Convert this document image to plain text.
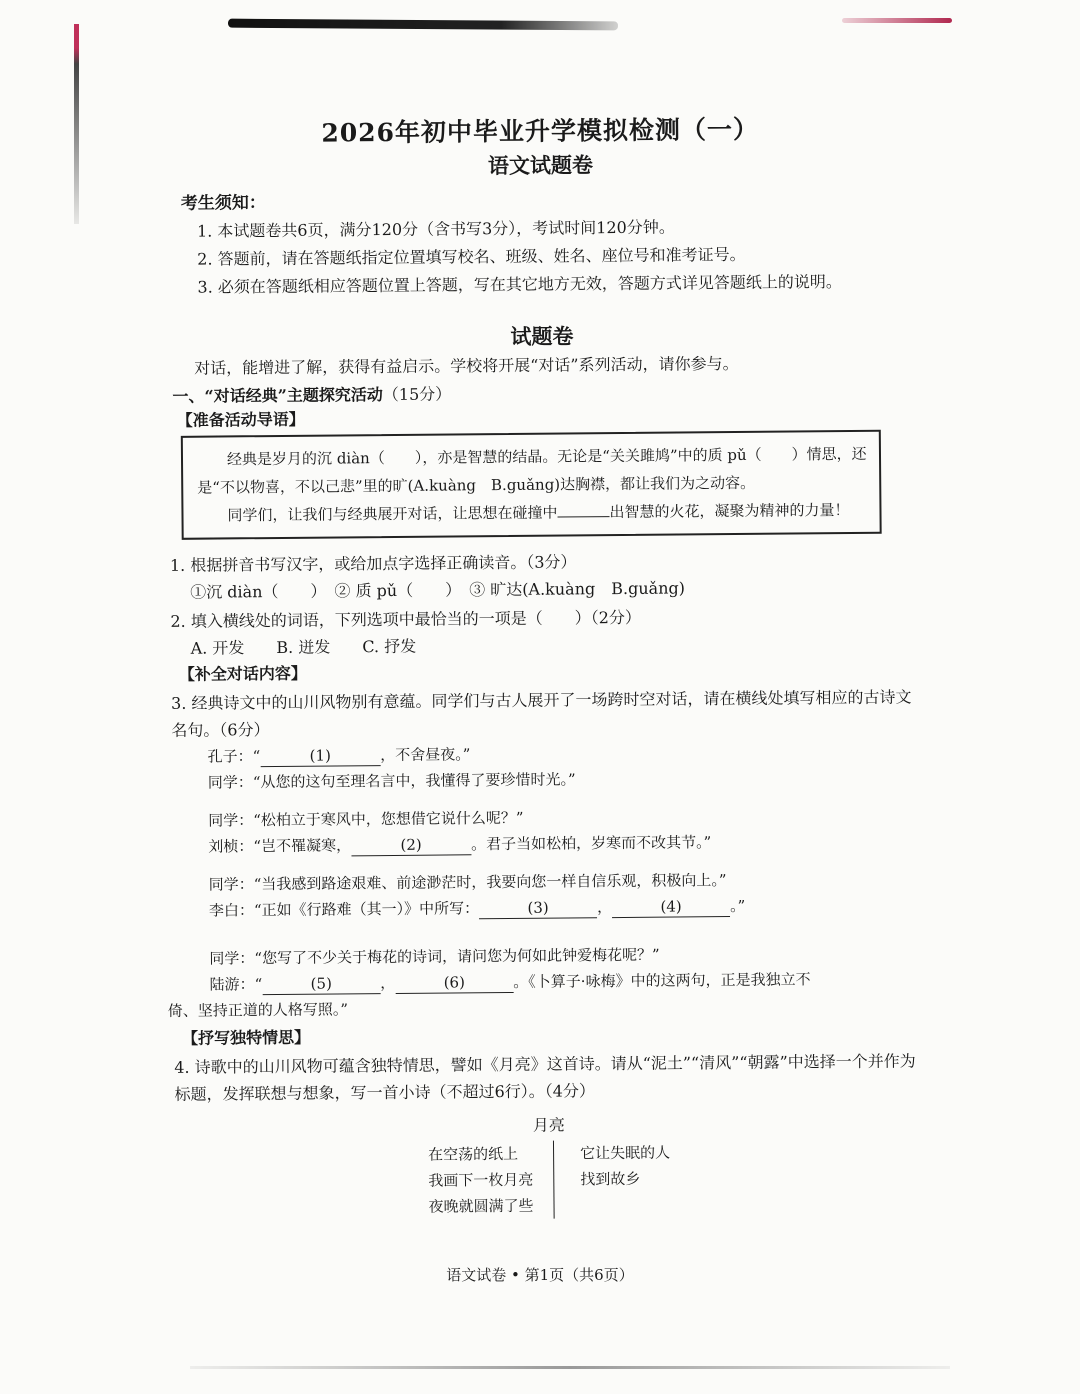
2026年初中毕业升学模拟检测（一）
语文试题卷
考生须知：
1. 本试题卷共6页，满分120分（含书写3分），考试时间120分钟。
2. 答题前，请在答题纸指定位置填写校名、班级、姓名、座位号和准考证号。
3. 必须在答题纸相应答题位置上答题，写在其它地方无效，答题方式详见答题纸上的说明。
试题卷

对话，能增进了解，获得有益启示。学校将开展“对话”系列活动，请你参与。

一、“对话经典”主题探究活动（15分）
【准备活动导语】

经典是岁月的沉 diàn（　　），亦是智慧的结晶。无论是“关关雎鸠”中的质 pǔ（　　）情思，还是“不以物喜，不以己悲”里的旷(A.kuàng　B.guǎng)达胸襟，都让我们为之动容。

同学们，让我们与经典展开对话，让思想在碰撞中	出智慧的火花，凝聚为精神的力量！

1. 根据拼音书写汉字，或给加点字选择正确读音。（3分）

①沉 diàn（　　）　② 质 pǔ（　　）　③ 旷达(A.kuàng　B.guǎng)

2. 填入横线处的词语，下列选项中最恰当的一项是（　　）（2分）

A. 开发　　B. 迸发　　C. 抒发

【补全对话内容】

3. 经典诗文中的山川风物别有意蕴。同学们与古人展开了一场跨时空对话，请在横线处填写相应的古诗文名句。（6分）

孔子：“	(1)	，不舍昼夜。”

同学：“从您的这句至理名言中，我懂得了要珍惜时光。”

同学：“松柏立于寒风中，您想借它说什么呢？”

刘桢：“岂不罹凝寒，	(2)	。君子当如松柏，岁寒而不改其节。”

同学：“当我感到路途艰难、前途渺茫时，我要向您一样自信乐观，积极向上。”

李白：“正如《行路难（其一）》中所写：	(3)	，	(4)	。”

同学：“您写了不少关于梅花的诗词，请问您为何如此钟爱梅花呢？”

陆游：“	(5)	，	(6)	。《卜算子·咏梅》中的这两句，正是我独立不

倚、坚持正道的人格写照。”

【抒写独特情思】

4. 诗歌中的山川风物可蕴含独特情思，譬如《月亮》这首诗。请从“泥土”“清风”“朝露”中选择一个并作为标题，发挥联想与想象，写一首小诗（不超过6行）。（4分）

月亮
在空荡的纸上
我画下一枚月亮
夜晚就圆满了些
它让失眠的人
找到故乡
语文试卷 • 第1页（共6页）
